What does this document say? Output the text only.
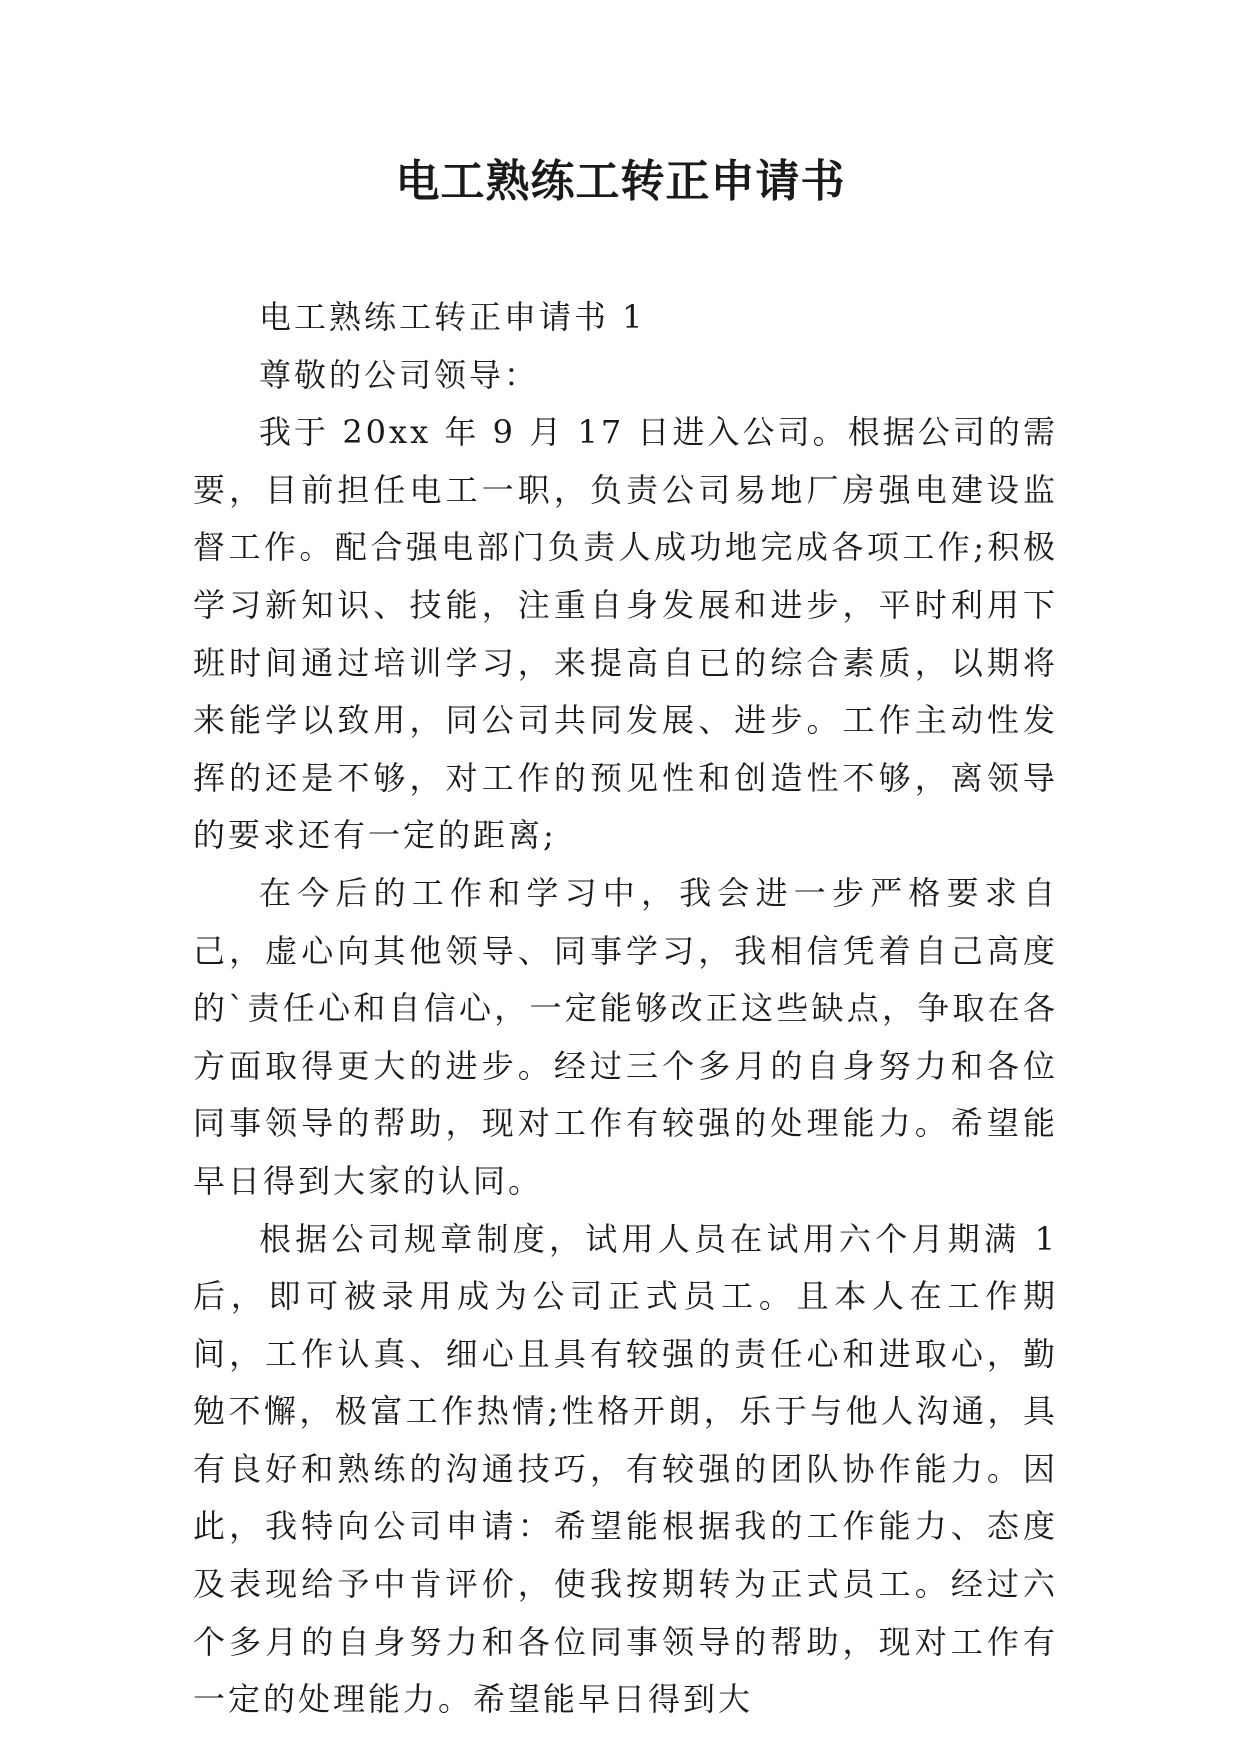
电工熟练工转正申请书

电工熟练工转正申请书 1

尊敬的公司领导：

我于 20xx 年 9 月 17 日进入公司。根据公司的需要，目前担任电工一职，负责公司易地厂房强电建设监督工作。配合强电部门负责人成功地完成各项工作;积极学习新知识、技能，注重自身发展和进步，平时利用下班时间通过培训学习，来提高自已的综合素质，以期将来能学以致用，同公司共同发展、进步。工作主动性发挥的还是不够，对工作的预见性和创造性不够，离领导的要求还有一定的距离;

在今后的工作和学习中，我会进一步严格要求自己，虚心向其他领导、同事学习，我相信凭着自己高度的`责任心和自信心，一定能够改正这些缺点，争取在各方面取得更大的进步。经过三个多月的自身努力和各位同事领导的帮助，现对工作有较强的处理能力。希望能早日得到大家的认同。

根据公司规章制度，试用人员在试用六个月期满 1 后，即可被录用成为公司正式员工。且本人在工作期间，工作认真、细心且具有较强的责任心和进取心，勤勉不懈，极富工作热情;性格开朗，乐于与他人沟通，具有良好和熟练的沟通技巧，有较强的团队协作能力。因此，我特向公司申请：希望能根据我的工作能力、态度及表现给予中肯评价，使我按期转为正式员工。经过六个多月的自身努力和各位同事领导的帮助，现对工作有一定的处理能力。希望能早日得到大
